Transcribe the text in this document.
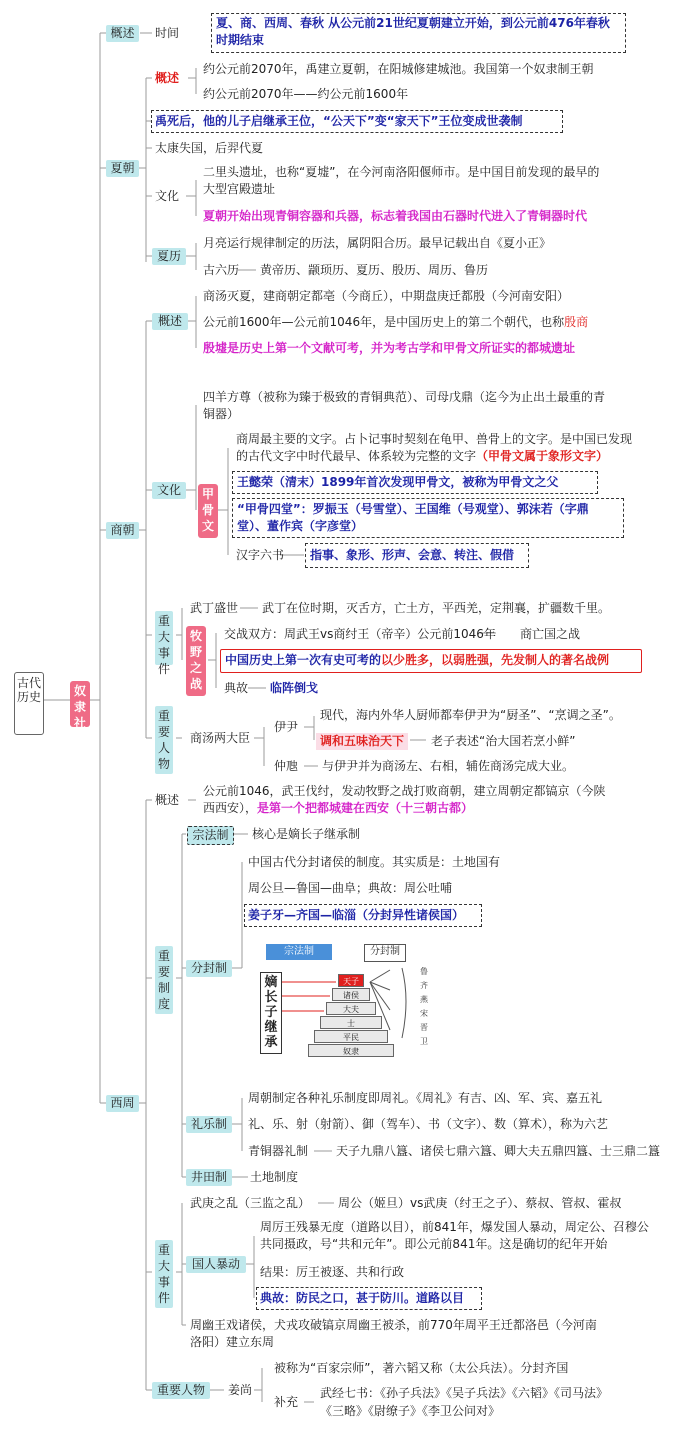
古代历史	奴隶社会
概述
夏朝
商朝
西周
时间
夏、商、西周、春秋 从公元前21世纪夏朝建立开始，到公元前476年春秋时期结束
概述
约公元前2070年，禹建立夏朝，在阳城修建城池。我国第一个奴隶制王朝
约公元前2070年——约公元前1600年
禹死后，他的儿子启继承王位，“公天下”变“家天下”王位变成世袭制
太康失国，后羿代夏
文化
二里头遗址，也称“夏墟”，在今河南洛阳偃师市。是中国目前发现的最早的大型宫殿遗址
夏朝开始出现青铜容器和兵器，标志着我国由石器时代进入了青铜器时代
夏历
月亮运行规律制定的历法，属阴阳合历。最早记载出自《夏小正》
古六历 黄帝历、颛顼历、夏历、殷历、周历、鲁历
概述
商汤灭夏，建商朝定都亳（今商丘），中期盘庚迁都殷（今河南安阳）
公元前1600年—公元前1046年，是中国历史上的第二个朝代，也称殷商
殷墟是历史上第一个文献可考，并为考古学和甲骨文所证实的都城遗址
文化
四羊方尊（被称为臻于极致的青铜典范）、司母戊鼎（迄今为止出土最重的青铜器）
甲骨文
商周最主要的文字。占卜记事时契刻在龟甲、兽骨上的文字。是中国已发现的古代文字中时代最早、体系较为完整的文字（甲骨文属于象形文字）
王懿荣（清末）1899年首次发现甲骨文，被称为甲骨文之父
“甲骨四堂”：罗振玉（号雪堂）、王国维（号观堂）、郭沫若（字鼎堂）、董作宾（字彦堂）
汉字六书 指事、象形、形声、会意、转注、假借
重大事件
武丁盛世 武丁在位时期，灭舌方，亡土方，平西羌，定荆襄，扩疆数千里。
牧野之战
交战双方：周武王vs商纣王（帝辛）公元前1046年 商亡国之战
中国历史上第一次有史可考的以少胜多，以弱胜强，先发制人的著名战例
典故 临阵倒戈
重要人物
商汤两大臣
伊尹
现代，海内外华人厨师都奉伊尹为“厨圣”、“烹调之圣”。
调和五味治天下	老子表述“治大国若烹小鲜”
仲虺 与伊尹并为商汤左、右相，辅佐商汤完成大业。
概述
公元前1046，武王伐纣，发动牧野之战打败商朝，建立周朝定都镐京（今陕西西安），是第一个把都城建在西安（十三朝古都）
宗法制	核心是嫡长子继承制
重要制度
分封制
中国古代分封诸侯的制度。其实质是：土地国有
周公旦—鲁国—曲阜；典故：周公吐哺
姜子牙—齐国—临淄（分封异性诸侯国）
宗法制	分封制
嫡长子继承
天子
诸侯
大夫
士
平民
奴隶
鲁
齐
燕
宋
晋
卫
礼乐制
周朝制定各种礼乐制度即周礼。《周礼》有吉、凶、军、宾、嘉五礼
礼、乐、射（射箭）、御（驾车）、书（文字）、数（算术），称为六艺
青铜器礼制 天子九鼎八簋、诸侯七鼎六簋、卿大夫五鼎四簋、士三鼎二簋
井田制	土地制度
重大事件
武庚之乱（三监之乱） 周公（姬旦）vs武庚（纣王之子）、蔡叔、管叔、霍叔
国人暴动
周厉王残暴无度（道路以目），前841年，爆发国人暴动，周定公、召穆公共同摄政，号“共和元年”。即公元前841年。这是确切的纪年开始
结果：厉王被逐、共和行政
典故：防民之口，甚于防川。道路以目
周幽王戏诸侯，犬戎攻破镐京周幽王被杀，前770年周平王迁都洛邑（今河南洛阳）建立东周
重要人物	姜尚
被称为“百家宗师”，著六韬又称（太公兵法）。分封齐国
补充
武经七书：《孙子兵法》《吴子兵法》《六韬》《司马法》
《三略》《尉缭子》《李卫公问对》
